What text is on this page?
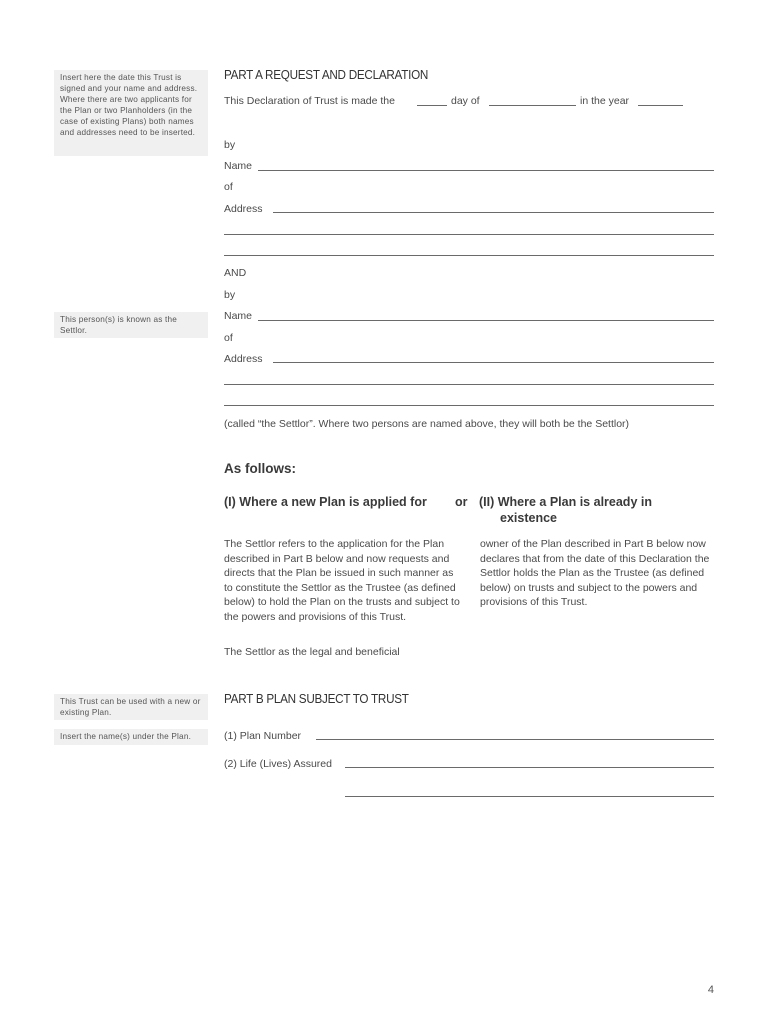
Insert here the date this Trust is signed and your name and address. Where there are two applicants for the Plan or two Planholders (in the case of existing Plans) both names and addresses need to be inserted.
This person(s) is known as the Settlor.
This Trust can be used with a new or existing Plan.
Insert the name(s) under the Plan.
PART A REQUEST AND DECLARATION
This Declaration of Trust is made the	day of	in the year
by
Name
of
Address
AND
by
Name
of
Address
(called “the Settlor”. Where two persons are named above, they will both be the Settlor)
As follows:
(I) Where a new Plan is applied for	or (II) Where a Plan is already in existence
The Settlor refers to the application for the Plan described in Part B below and now requests and directs that the Plan be issued in such manner as to constitute the Settlor as the Trustee (as defined below) to hold the Plan on the trusts and subject to the powers and provisions of this Trust.
The Settlor as the legal and beneficial
owner of the Plan described in Part B below now declares that from the date of this Declaration the Settlor holds the Plan as the Trustee (as defined below) on trusts and subject to the powers and provisions of this Trust.
PART B PLAN SUBJECT TO TRUST
(1) Plan Number
(2) Life (Lives) Assured
4
